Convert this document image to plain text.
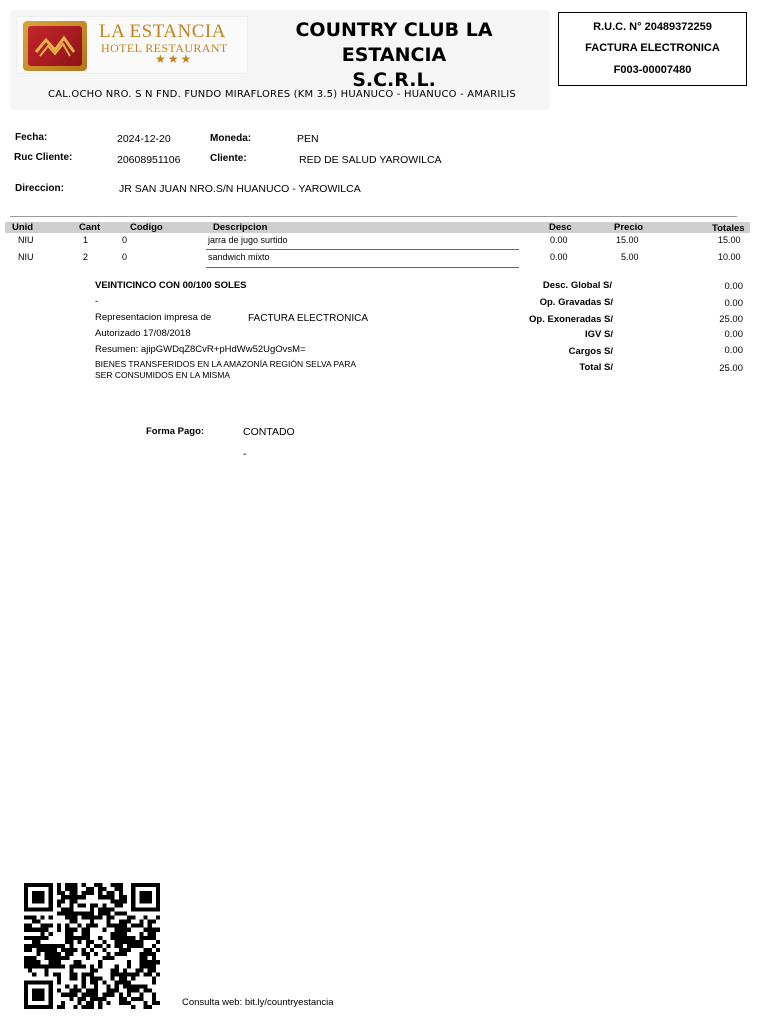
LA ESTANCIA
HOTEL RESTAURANT
★★★
COUNTRY CLUB LA ESTANCIA
S.C.R.L.
CAL.OCHO NRO. S N FND. FUNDO MIRAFLORES (KM 3.5) HUANUCO - HUANUCO - AMARILIS
R.U.C. N° 20489372259
FACTURA ELECTRONICA
F003-00007480
Fecha:	2024-12-20	Moneda:	PEN
Ruc Cliente:	20608951106	Cliente:	RED DE SALUD YAROWILCA
Direccion:	JR SAN JUAN NRO.S/N HUANUCO - YAROWILCA
Unid	Cant	Codigo	Descripcion	Desc	Precio	Totales
NIU	1	0	jarra de jugo surtido	0.00	15.00	15.00
NIU	2	0	sandwich mixto	0.00	5.00	10.00
VEINTICINCO CON 00/100 SOLES
-
Representacion impresa de	FACTURA ELECTRONICA
Autorizado 17/08/2018
Resumen: ajipGWDqZ8CvR+pHdWw52UgOvsM=
BIENES TRANSFERIDOS EN LA AMAZONÍA REGIÓN SELVA PARA
SER CONSUMIDOS EN LA MISMA
Desc. Global S/	0.00
Op. Gravadas S/	0.00
Op. Exoneradas S/	25.00
IGV S/	0.00
Cargos S/	0.00
Total S/	25.00
Forma Pago:	CONTADO
-
Consulta web: bit.ly/countryestancia
